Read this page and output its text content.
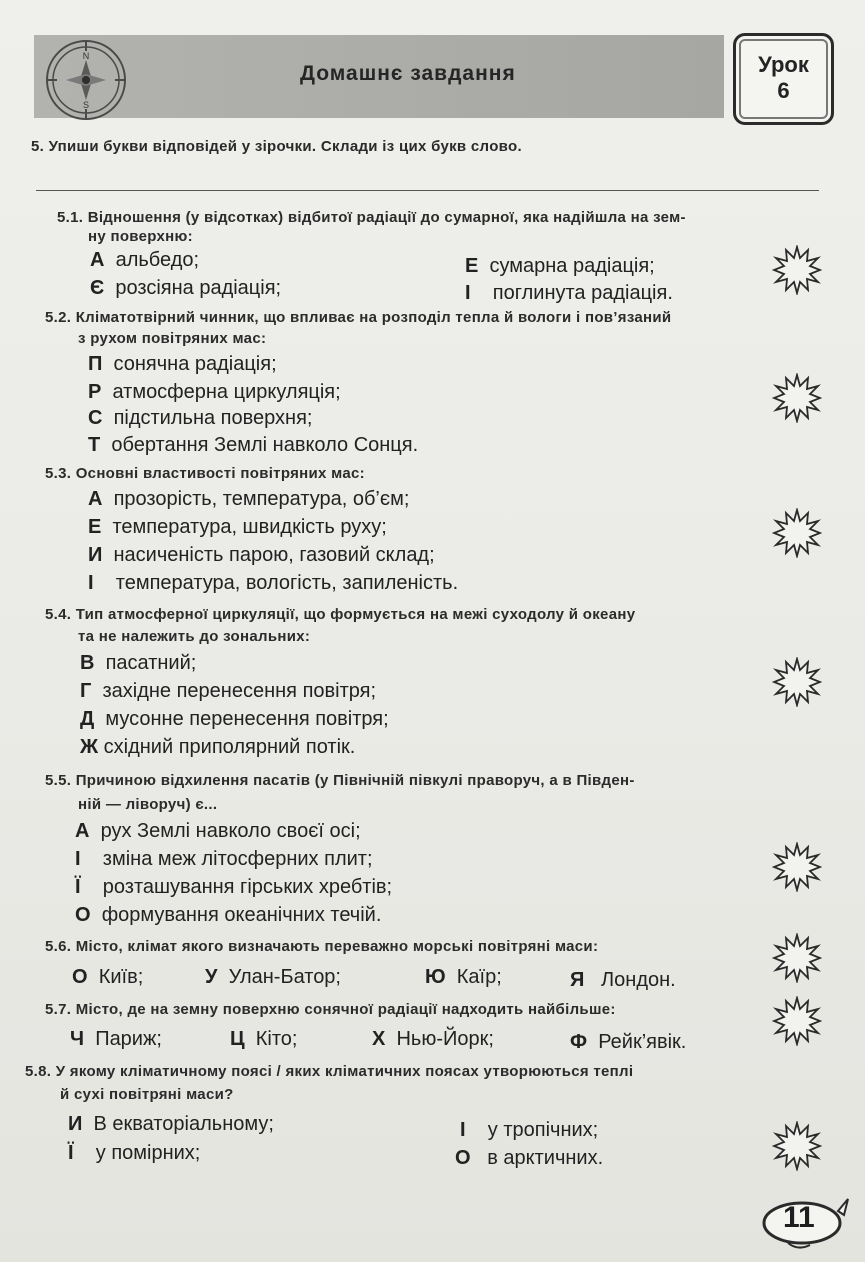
N
S
Домашнє завдання	Урок
6
5. Упиши букви відповідей у зірочки. Склади із цих букв слово.
5.1. Відношення (у відсотках) відбитої радіації до сумарної, яка надійшла на зем-
ну поверхню:
А альбедо;
Є розсіяна радіація;
Е сумарна радіація;
І поглинута радіація.
5.2. Кліматотвірний чинник, що впливає на розподіл тепла й вологи і пов’язаний
з рухом повітряних мас:
П сонячна радіація;
Р атмосферна циркуляція;
С підстильна поверхня;
Т обертання Землі навколо Сонця.
5.3. Основні властивості повітряних мас:
А прозорість, температура, об’єм;
Е температура, швидкість руху;
И насиченість парою, газовий склад;
І температура, вологість, запиленість.
5.4. Тип атмосферної циркуляції, що формується на межі суходолу й океану
та не належить до зональних:
В пасатний;
Г західне перенесення повітря;
Д мусонне перенесення повітря;
Ж східний приполярний потік.
5.5. Причиною відхилення пасатів (у Північній півкулі праворуч, а в Півден-
ній — ліворуч) є...
А рух Землі навколо своєї осі;
І зміна меж літосферних плит;
Ї розташування гірських хребтів;
О формування океанічних течій.
5.6. Місто, клімат якого визначають переважно морські повітряні маси:
О Київ;	У Улан-Батор;	Ю Каїр;	Я Лондон.
5.7. Місто, де на земну поверхню сонячної радіації надходить найбільше:
Ч Париж;	Ц Кіто;	Х Нью-Йорк;	Ф Рейк’явік.
5.8. У якому кліматичному поясі / яких кліматичних поясах утворюються теплі
й сухі повітряні маси?
И В екваторіальному;
Ї у помірних;
І у тропічних;
О в арктичних.
11
